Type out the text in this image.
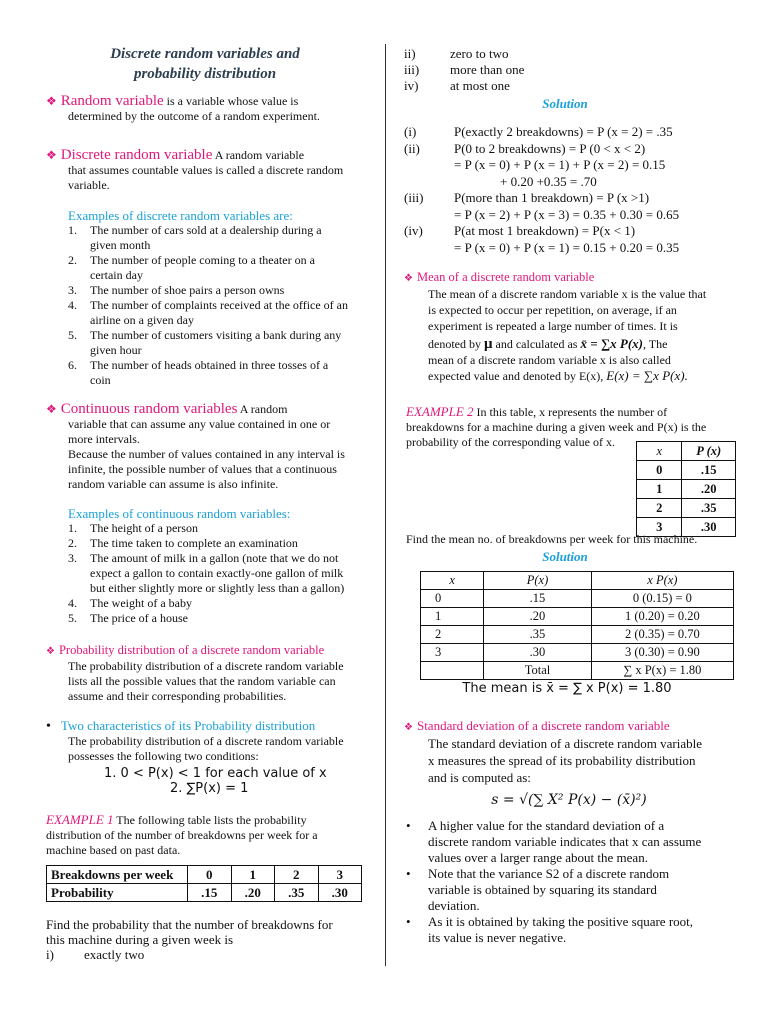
Discrete random variables and
probability distribution
❖ Random variable is a variable whose value is
determined by the outcome of a random experiment.
❖ Discrete random variable A random variable
that assumes countable values is called a discrete random
variable.
Examples of discrete random variables are:
1. The number of cars sold at a dealership during a
given month
2. The number of people coming to a theater on a
certain day
3. The number of shoe pairs a person owns
4. The number of complaints received at the office of an
airline on a given day
5. The number of customers visiting a bank during any
given hour
6. The number of heads obtained in three tosses of a
coin
❖ Continuous random variables A random
variable that can assume any value contained in one or
more intervals.
Because the number of values contained in any interval is
infinite, the possible number of values that a continuous
random variable can assume is also infinite.
Examples of continuous random variables:
1. The height of a person
2. The time taken to complete an examination
3. The amount of milk in a gallon (note that we do not
expect a gallon to contain exactly-one gallon of milk
but either slightly more or slightly less than a gallon)
4. The weight of a baby
5. The price of a house
❖ Probability distribution of a discrete random variable
The probability distribution of a discrete random variable
lists all the possible values that the random variable can
assume and their corresponding probabilities.
• Two characteristics of its Probability distribution
The probability distribution of a discrete random variable
possesses the following two conditions:
1. 0 < P(x) < 1 for each value of x
2. ∑P(x) = 1
EXAMPLE 1 The following table lists the probability
distribution of the number of breakdowns per week for a
machine based on past data.
Breakdowns per week	0	1	2	3
Probability	.15	.20	.35	.30
Find the probability that the number of breakdowns for
this machine during a given week is
i) exactly two
ii)	zero to two
iii) more than one
iv) at most one
Solution
(i)	P(exactly 2 breakdowns) = P (x = 2) = .35
(ii)	P(0 to 2 breakdowns) = P (0 < x < 2)
= P (x = 0) + P (x = 1) + P (x = 2) = 0.15
+ 0.20 +0.35 = .70
(iii) P(more than 1 breakdown) = P (x >1)
= P (x = 2) + P (x = 3) = 0.35 + 0.30 = 0.65
(iv) P(at most 1 breakdown) = P(x < 1)
= P (x = 0) + P (x = 1) = 0.15 + 0.20 = 0.35
❖ Mean of a discrete random variable
The mean of a discrete random variable x is the value that
is expected to occur per repetition, on average, if an
experiment is repeated a large number of times. It is
denoted by μ and calculated as x̄ = ∑x P(x), The
mean of a discrete random variable x is also called
expected value and denoted by E(x), E(x) = ∑x P(x).
EXAMPLE 2 In this table, x represents the number of
breakdowns for a machine during a given week and P(x) is the
probability of the corresponding value of x.
x	P (x)
0	.15
1	.20
2	.35
3	.30
Find the mean no. of breakdowns per week for this machine.
Solution
x	P(x)	x P(x)
0	.15	0 (0.15) = 0
1	.20	1 (0.20) = 0.20
2	.35	2 (0.35) = 0.70
3	.30	3 (0.30) = 0.90
	Total	∑ x P(x) = 1.80
The mean is x̄ = ∑ x P(x) = 1.80
❖ Standard deviation of a discrete random variable
The standard deviation of a discrete random variable
x measures the spread of its probability distribution
and is computed as:
s = √(∑ X² P(x) − (x̄)²)
• A higher value for the standard deviation of a
discrete random variable indicates that x can assume
values over a larger range about the mean.
• Note that the variance S2 of a discrete random
variable is obtained by squaring its standard
deviation.
• As it is obtained by taking the positive square root,
its value is never negative.
